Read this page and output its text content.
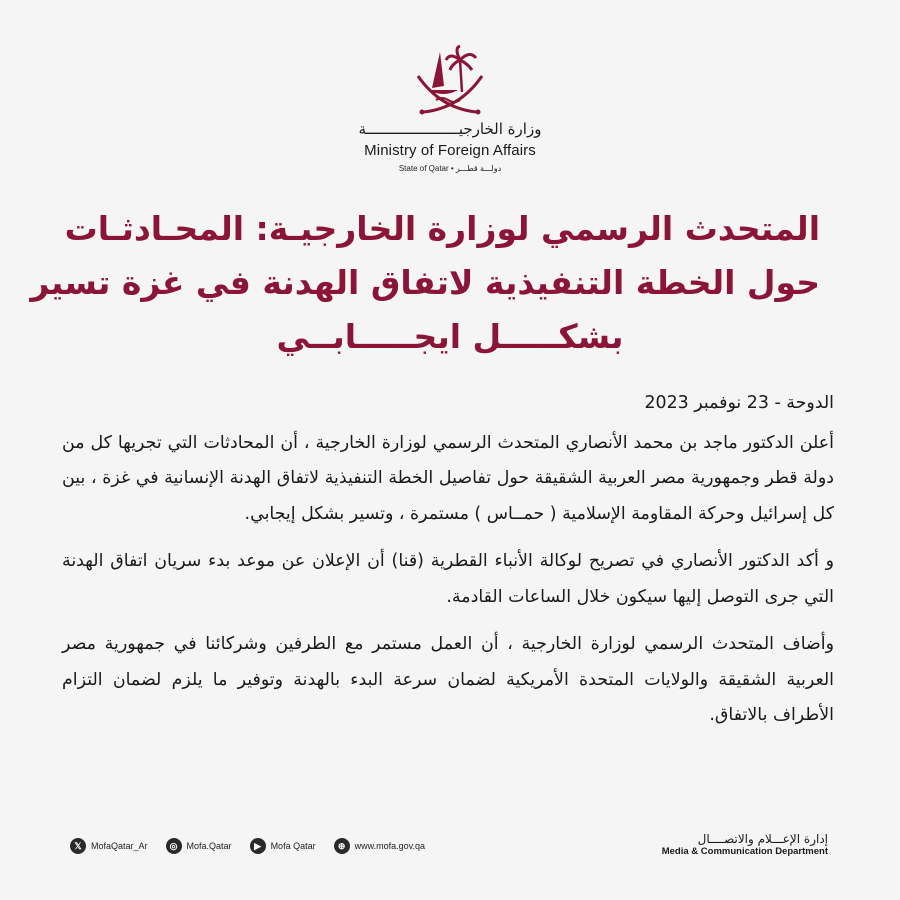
وزارة الخارجيـــــــــــــــــــــة
Ministry of Foreign Affairs
State of Qatar • دولـــة قطـــر
المتحدث الرسمي لوزارة الخارجيـة: المحـادثـات
حول الخطة التنفيذية لاتفاق الهدنة في غزة تسير
بشكـــــل ايجـــــابــي
الدوحة - 23 نوفمبر 2023

أعلن الدكتور ماجد بن محمد الأنصاري المتحدث الرسمي لوزارة الخارجية ، أن المحادثات التي تجريها كل من دولة قطر وجمهورية مصر العربية الشقيقة حول تفاصيل الخطة التنفيذية لاتفاق الهدنة الإنسانية في غزة ، بين كل إسرائيل وحركة المقاومة الإسلامية ( حمــاس ) مستمرة ، وتسير بشكل إيجابي.

و أكد الدكتور الأنصاري في تصريح لوكالة الأنباء القطرية (قنا) أن الإعلان عن موعد بدء سريان اتفاق الهدنة التي جرى التوصل إليها سيكون خلال الساعات القادمة.

وأضاف المتحدث الرسمي لوزارة الخارجية ، أن العمل مستمر مع الطرفين وشركائنا في جمهورية مصر العربية الشقيقة والولايات المتحدة الأمريكية لضمان سرعة البدء بالهدنة وتوفير ما يلزم لضمان التزام الأطراف بالاتفاق.

𝕏	MofaQatar_Ar	◎	Mofa.Qatar	▶	Mofa Qatar	⊕	www.mofa.gov.qa	إدارة الإعـــلام والاتصــــال
Media & Communication Department
